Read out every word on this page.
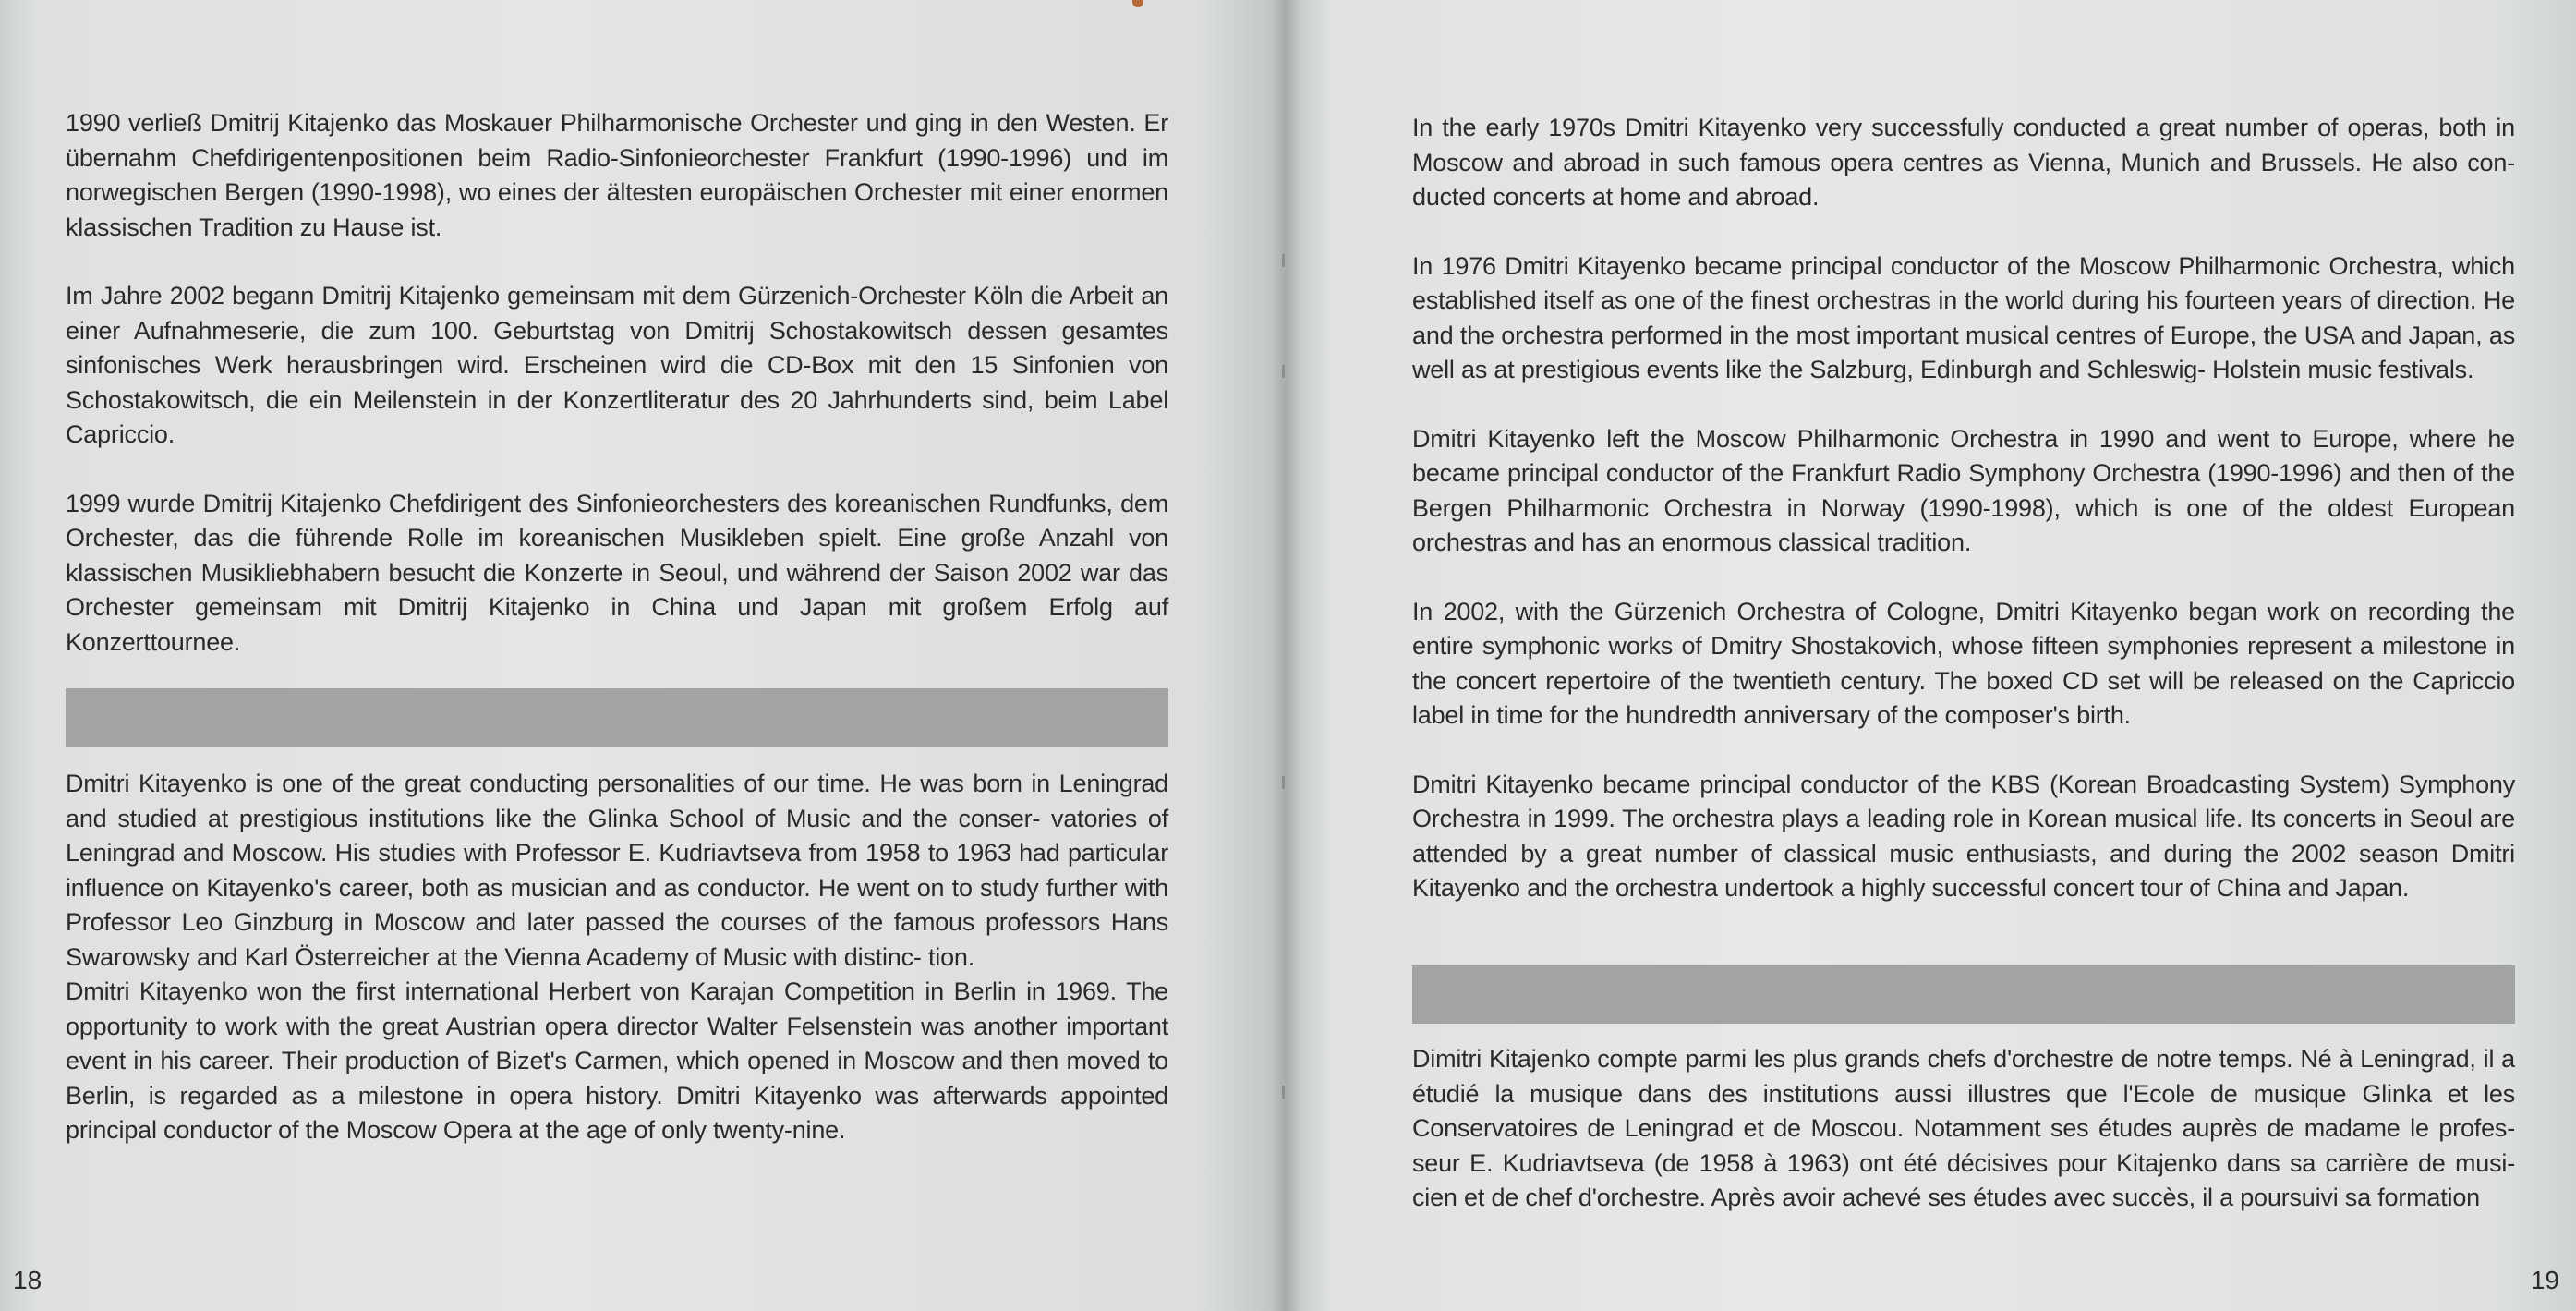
1990 verließ Dmitrij Kitajenko das Moskauer Philharmonische Orchester und ging in den Westen. Er übernahm Chefdirigentenpositionen beim Radio-Sinfonieorchester Frankfurt (1990-1996) und im norwegischen Bergen (1990-1998), wo eines der ältesten europäischen Orchester mit einer enormen klassischen Tradition zu Hause ist.

Im Jahre 2002 begann Dmitrij Kitajenko gemeinsam mit dem Gürzenich-Orchester Köln die Arbeit an einer Aufnahmeserie, die zum 100. Geburtstag von Dmitrij Schostakowitsch dessen gesamtes sinfonisches Werk herausbringen wird. Erscheinen wird die CD-Box mit den 15 Sinfonien von Schostakowitsch, die ein Meilenstein in der Konzertliteratur des 20 Jahrhunderts sind, beim Label Capriccio.

1999 wurde Dmitrij Kitajenko Chefdirigent des Sinfonieorchesters des koreanischen Rundfunks, dem Orchester, das die führende Rolle im koreanischen Musikleben spielt. Eine große Anzahl von klassischen Musikliebhabern besucht die Konzerte in Seoul, und während der Saison 2002 war das Orchester gemeinsam mit Dmitrij Kitajenko in China und Japan mit großem Erfolg auf Konzerttournee.

Dmitri Kitayenko is one of the great conducting personalities of our time. He was born in Leningrad and studied at prestigious institutions like the Glinka School of Music and the conser- vatories of Leningrad and Moscow. His studies with Professor E. Kudriavtseva from 1958 to 1963 had particular influence on Kitayenko's career, both as musician and as conductor. He went on to study further with Professor Leo Ginzburg in Moscow and later passed the courses of the famous professors Hans Swarowsky and Karl Österreicher at the Vienna Academy of Music with distinc- tion.

Dmitri Kitayenko won the first international Herbert von Karajan Competition in Berlin in 1969. The opportunity to work with the great Austrian opera director Walter Felsenstein was another important event in his career. Their production of Bizet's Carmen, which opened in Moscow and then moved to Berlin, is regarded as a milestone in opera history. Dmitri Kitayenko was afterwards appointed principal conductor of the Moscow Opera at the age of only twenty-nine.

18

In the early 1970s Dmitri Kitayenko very successfully conducted a great number of operas, both in Moscow and abroad in such famous opera centres as Vienna, Munich and Brussels. He also con- ducted concerts at home and abroad.

In 1976 Dmitri Kitayenko became principal conductor of the Moscow Philharmonic Orchestra, which established itself as one of the finest orchestras in the world during his fourteen years of direction. He and the orchestra performed in the most important musical centres of Europe, the USA and Japan, as well as at prestigious events like the Salzburg, Edinburgh and Schleswig- Holstein music festivals.

Dmitri Kitayenko left the Moscow Philharmonic Orchestra in 1990 and went to Europe, where he became principal conductor of the Frankfurt Radio Symphony Orchestra (1990-1996) and then of the Bergen Philharmonic Orchestra in Norway (1990-1998), which is one of the oldest European orchestras and has an enormous classical tradition.

In 2002, with the Gürzenich Orchestra of Cologne, Dmitri Kitayenko began work on recording the entire symphonic works of Dmitry Shostakovich, whose fifteen symphonies represent a milestone in the concert repertoire of the twentieth century. The boxed CD set will be released on the Capriccio label in time for the hundredth anniversary of the composer's birth.

Dmitri Kitayenko became principal conductor of the KBS (Korean Broadcasting System) Symphony Orchestra in 1999. The orchestra plays a leading role in Korean musical life. Its concerts in Seoul are attended by a great number of classical music enthusiasts, and during the 2002 season Dmitri Kitayenko and the orchestra undertook a highly successful concert tour of China and Japan.

Dimitri Kitajenko compte parmi les plus grands chefs d'orchestre de notre temps. Né à Leningrad, il a étudié la musique dans des institutions aussi illustres que l'Ecole de musique Glinka et les Conservatoires de Leningrad et de Moscou. Notamment ses études auprès de madame le profes- seur E. Kudriavtseva (de 1958 à 1963) ont été décisives pour Kitajenko dans sa carrière de musi- cien et de chef d'orchestre. Après avoir achevé ses études avec succès, il a poursuivi sa formation

19
